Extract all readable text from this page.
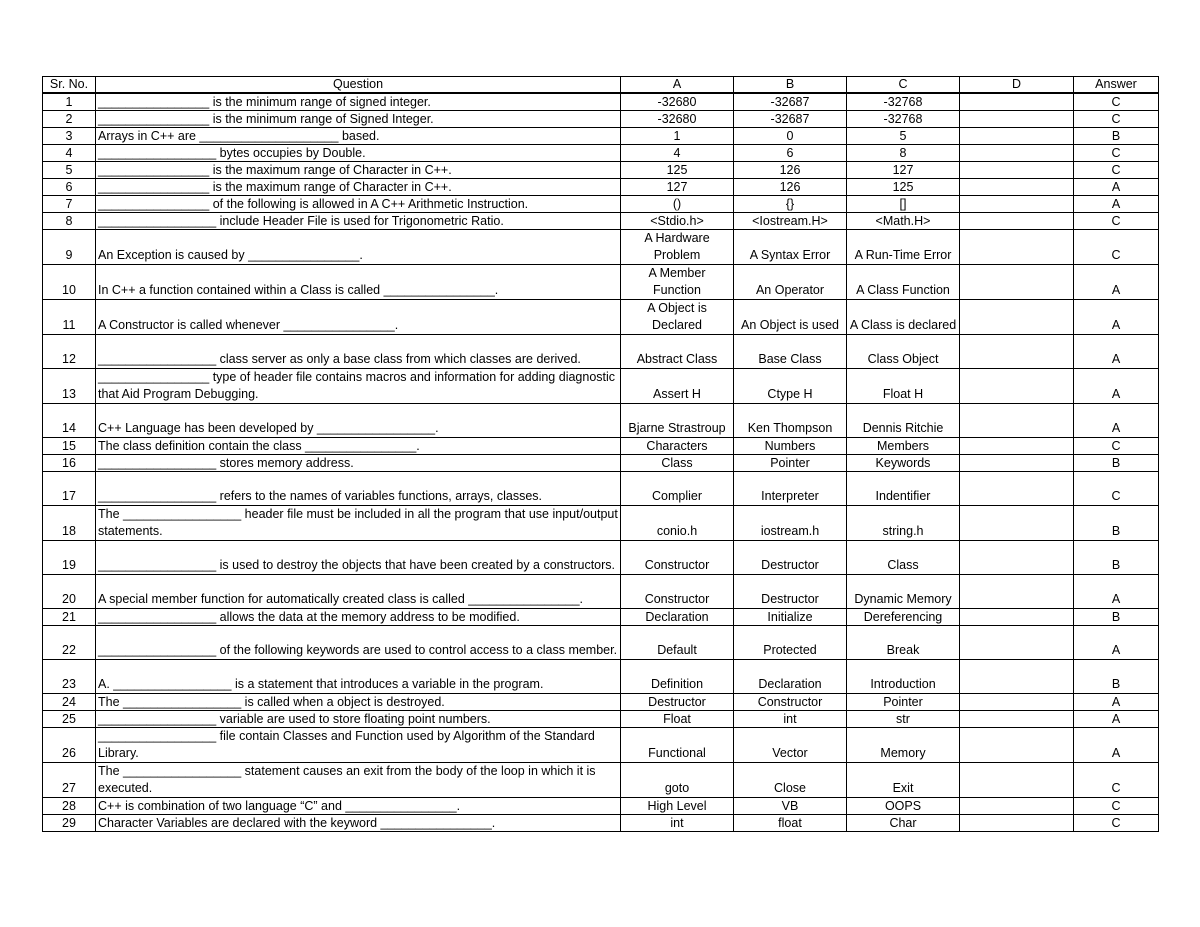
Sr. No.	Question	A	B	C	D	Answer
1	________________ is the minimum range of signed integer.	-32680	-32687	-32768		C
2	________________ is the minimum range of Signed Integer.	-32680	-32687	-32768		C
3	Arrays in C++ are ____________________ based.	1	0	5		B
4	_________________ bytes occupies by Double.	4	6	8		C
5	________________ is the maximum range of Character in C++.	125	126	127		C
6	________________ is the maximum range of Character in C++.	127	126	125		A
7	________________ of the following is allowed in A C++ Arithmetic Instruction.	()	{}	[]		A
8	_________________ include Header File is used for Trigonometric Ratio.	<Stdio.h>	<Iostream.H>	<Math.H>		C
9	An Exception is caused by ________________.	A Hardware Problem	A Syntax Error	A Run-Time Error		C
10	In C++ a function contained within a Class is called ________________.	A Member Function	An Operator	A Class Function		A
11	A Constructor is called whenever ________________.	A Object is Declared	An Object is used	A Class is declared		A
12	_________________ class server as only a base class from which classes are derived.	Abstract Class	Base Class	Class Object		A
13	________________ type of header file contains macros and information for adding diagnostic that Aid Program Debugging.	Assert H	Ctype H	Float H		A
14	C++ Language has been developed by _________________.	Bjarne Strastroup	Ken Thompson	Dennis Ritchie		A
15	The class definition contain the class ________________.	Characters	Numbers	Members		C
16	_________________ stores memory address.	Class	Pointer	Keywords		B
17	_________________ refers to the names of variables functions, arrays, classes.	Complier	Interpreter	Indentifier		C
18	The _________________ header file must be included in all the program that use input/output statements.	conio.h	iostream.h	string.h		B
19	_________________ is used to destroy the objects that have been created by a constructors.	Constructor	Destructor	Class		B
20	A special member function for automatically created class is called ________________.	Constructor	Destructor	Dynamic Memory		A
21	_________________ allows the data at the memory address to be modified.	Declaration	Initialize	Dereferencing		B
22	_________________ of the following keywords are used to control access to a class member.	Default	Protected	Break		A
23	A. _________________ is a statement that introduces a variable in the program.	Definition	Declaration	Introduction		B
24	The _________________ is called when a object is destroyed.	Destructor	Constructor	Pointer		A
25	_________________ variable are used to store floating point numbers.	Float	int	str		A
26	_________________ file contain Classes and Function used by Algorithm of the Standard Library.	Functional	Vector	Memory		A
27	The _________________ statement causes an exit from the body of the loop in which it is executed.	goto	Close	Exit		C
28	C++ is combination of two language “C” and ________________.	High Level	VB	OOPS		C
29	Character Variables are declared with the keyword ________________.	int	float	Char		C
